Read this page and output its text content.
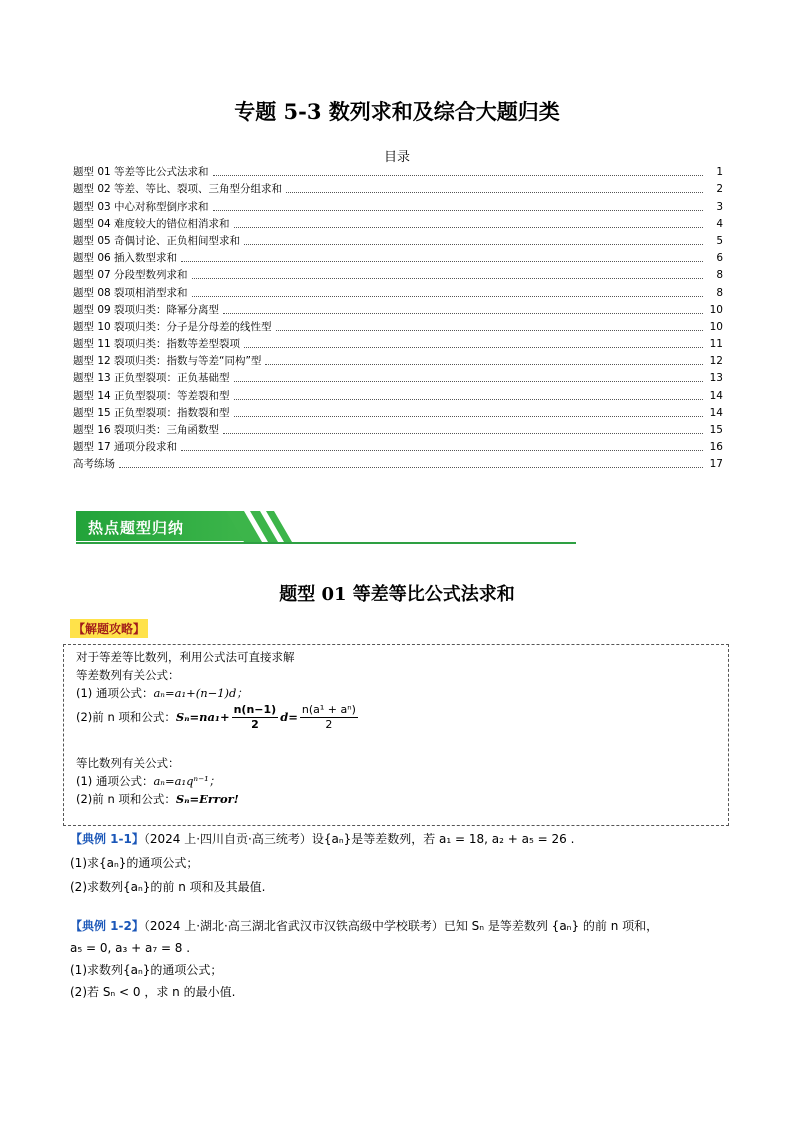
专题 5-3 数列求和及综合大题归类
目录
题型 01 等差等比公式法求和	1
题型 02 等差、等比、裂项、三角型分组求和	2
题型 03 中心对称型倒序求和	3
题型 04 难度较大的错位相消求和	4
题型 05 奇偶讨论、正负相间型求和	5
题型 06 插入数型求和	6
题型 07 分段型数列求和	8
题型 08 裂项相消型求和	8
题型 09 裂项归类：降幂分离型	10
题型 10 裂项归类：分子是分母差的线性型	10
题型 11 裂项归类：指数等差型裂项	11
题型 12 裂项归类：指数与等差“同构”型	12
题型 13 正负型裂项：正负基础型	13
题型 14 正负型裂项：等差裂和型	14
题型 15 正负型裂项：指数裂和型	14
题型 16 裂项归类：三角函数型	15
题型 17 通项分段求和	16
高考练场	17
热点题型归纳
题型 01 等差等比公式法求和
【解题攻略】
对于等差等比数列，利用公式法可直接求解
等差数列有关公式：
(1) 通项公式：aₙ=a₁+(n−1)d；
(2)前 n 项和公式：$S_n=na_1+ \frac{n(n-1)}{2} d= \frac{\text{n(a¹ + aⁿ)}}{2}$
等比数列有关公式：
(1) 通项公式：aₙ=a₁qⁿ⁻¹；
(2)前 n 项和公式：Sₙ=Error!
【典例 1-1】（2024 上·四川自贡·高三统考）设{aₙ}是等差数列，若 a₁ = 18, a₂ + a₅ = 26 .
(1)求{aₙ}的通项公式；
(2)求数列{aₙ}的前 n 项和及其最值.
【典例 1-2】（2024 上·湖北·高三湖北省武汉市汉铁高级中学校联考）已知 Sₙ 是等差数列 {aₙ} 的前 n 项和，
a₅ = 0, a₃ + a₇ = 8 .
(1)求数列{aₙ}的通项公式；
(2)若 Sₙ < 0 ，求 n 的最小值.
